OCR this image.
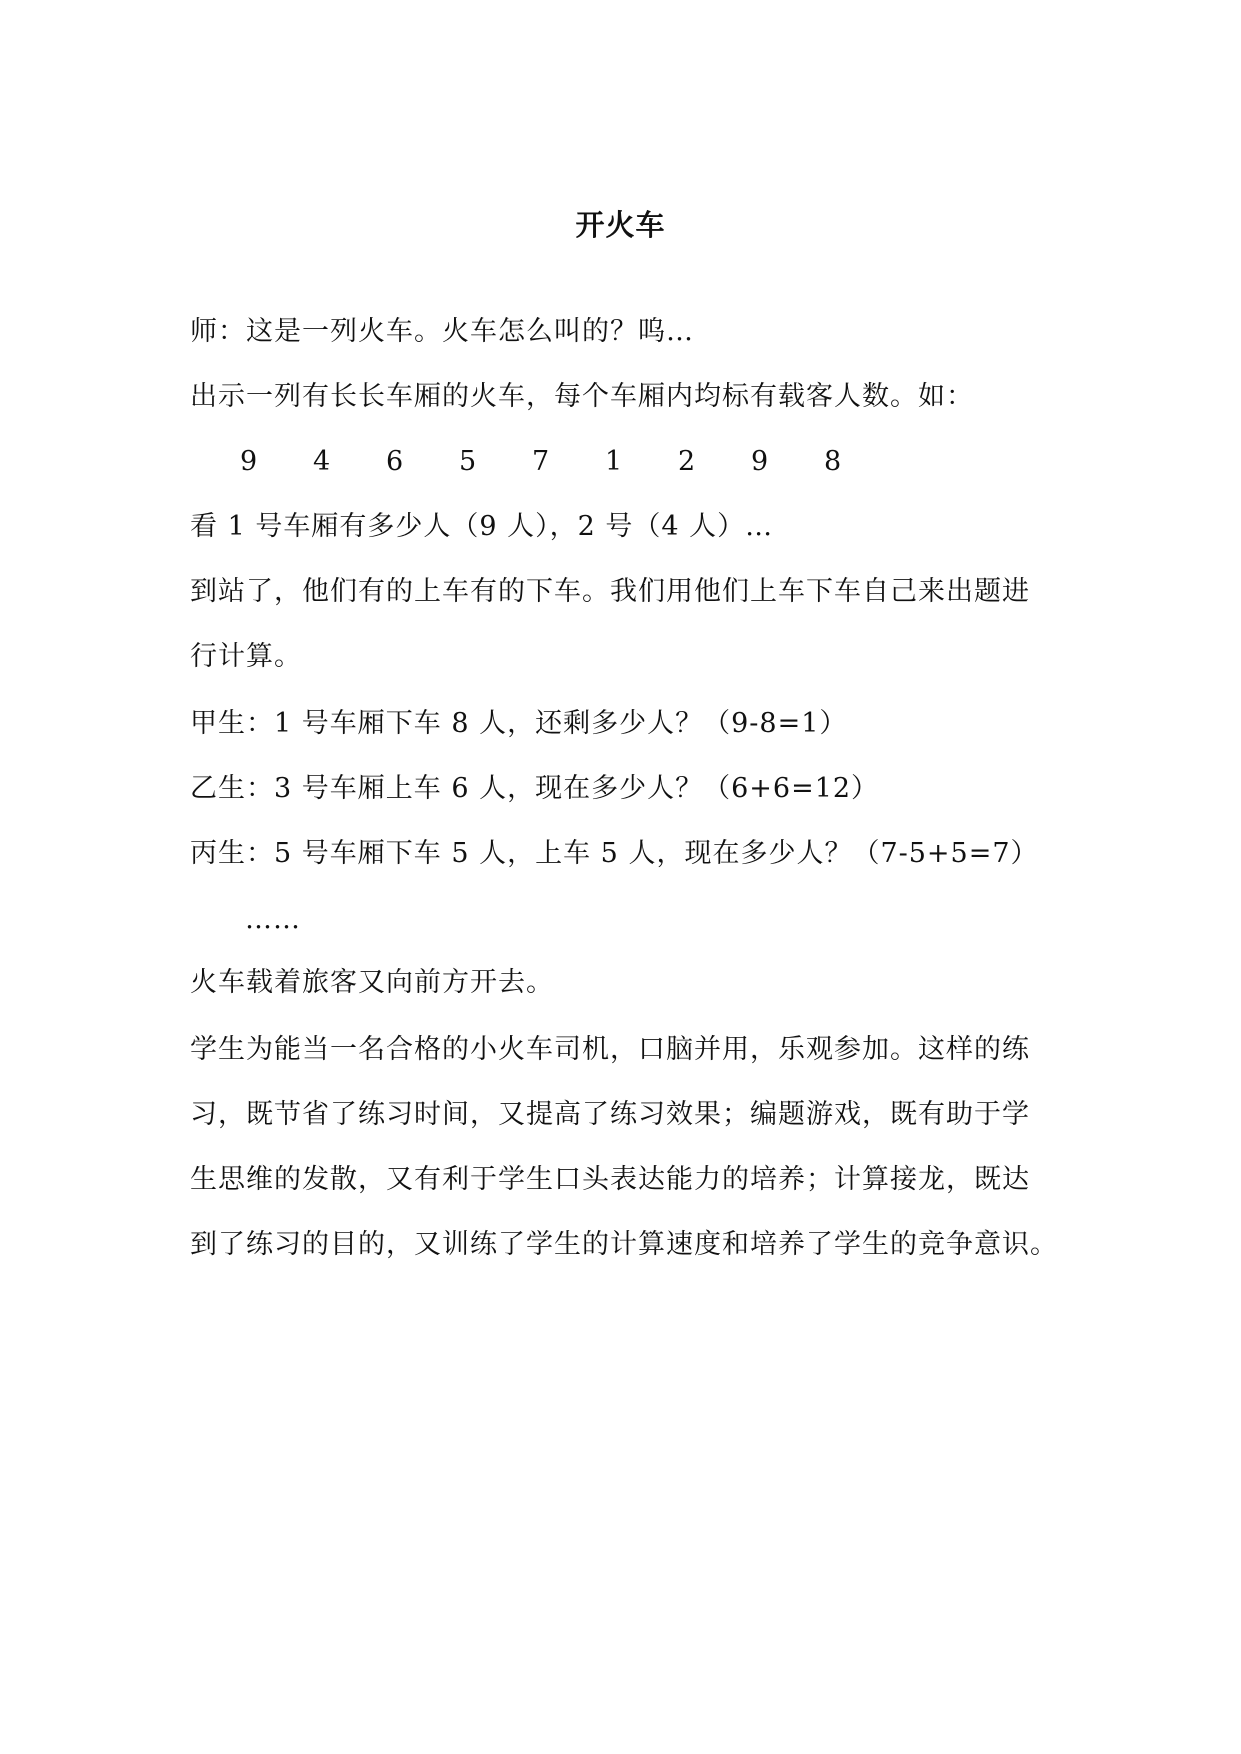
开火车
师：这是一列火车。火车怎么叫的？呜…
出示一列有长长车厢的火车，每个车厢内均标有载客人数。如：
9	4	6	5	7	1	2	9	8
看 1 号车厢有多少人（9 人），2 号（4 人）…
到站了，他们有的上车有的下车。我们用他们上车下车自己来出题进
行计算。
甲生：1 号车厢下车 8 人，还剩多少人？（9-8=1）
乙生：3 号车厢上车 6 人，现在多少人？（6+6=12）
丙生：5 号车厢下车 5 人，上车 5 人，现在多少人？（7-5+5=7）
……
火车载着旅客又向前方开去。
学生为能当一名合格的小火车司机，口脑并用，乐观参加。这样的练
习，既节省了练习时间，又提高了练习效果；编题游戏，既有助于学
生思维的发散，又有利于学生口头表达能力的培养；计算接龙，既达
到了练习的目的，又训练了学生的计算速度和培养了学生的竞争意识。
